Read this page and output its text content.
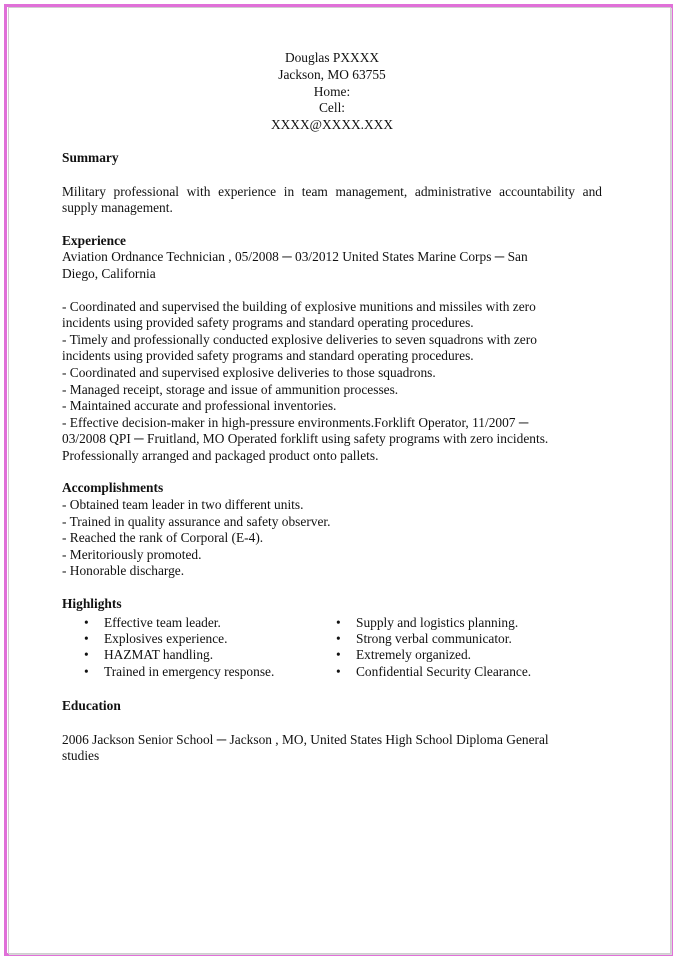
Douglas PXXXX
Jackson, MO 63755
Home:
Cell:
XXXX@XXXX.XXX
Summary
Military professional with experience in team management, administrative accountability and supply management.
Experience
Aviation Ordnance Technician , 05/2008 ─ 03/2012 United States Marine Corps ─ San
Diego, California
- Coordinated and supervised the building of explosive munitions and missiles with zero
incidents using provided safety programs and standard operating procedures.
- Timely and professionally conducted explosive deliveries to seven squadrons with zero
incidents using provided safety programs and standard operating procedures.
- Coordinated and supervised explosive deliveries to those squadrons.
- Managed receipt, storage and issue of ammunition processes.
- Maintained accurate and professional inventories.
- Effective decision-maker in high-pressure environments.Forklift Operator, 11/2007 ─
03/2008 QPI ─ Fruitland, MO Operated forklift using safety programs with zero incidents.
Professionally arranged and packaged product onto pallets.
Accomplishments
- Obtained team leader in two different units.
- Trained in quality assurance and safety observer.
- Reached the rank of Corporal (E-4).
- Meritoriously promoted.
- Honorable discharge.
Highlights
• Effective team leader.
• Explosives experience.
• HAZMAT handling.
• Trained in emergency response.
• Supply and logistics planning.
• Strong verbal communicator.
• Extremely organized.
• Confidential Security Clearance.
Education
2006 Jackson Senior School ─ Jackson , MO, United States High School Diploma General
studies
